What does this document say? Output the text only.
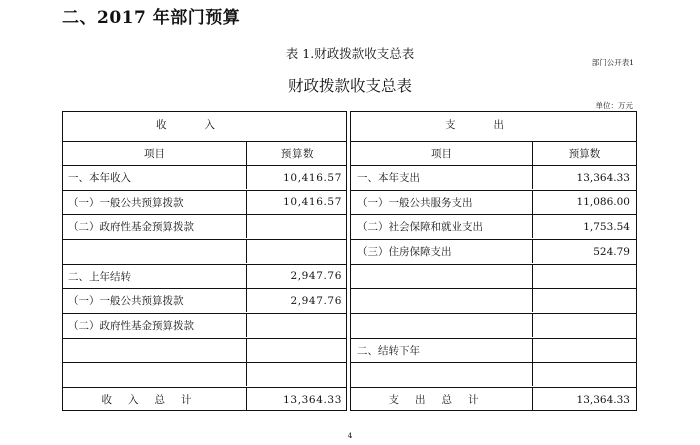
二、2017 年部门预算
表 1.财政拨款收支总表
部门公开表1
财政拨款收支总表
单位：万元
收入
项目	预算数
一、本年收入	10,416.57
（一）一般公共预算拨款	10,416.57
（二）政府性基金预算拨款
二、上年结转	2,947.76
（一）一般公共预算拨款	2,947.76
（二）政府性基金预算拨款
收入总计	13,364.33
支出
项目	预算数
一、本年支出	13,364.33
（一）一般公共服务支出	11,086.00
（二）社会保障和就业支出	1,753.54
（三）住房保障支出	524.79
二、结转下年
支出总计	13,364.33
4
